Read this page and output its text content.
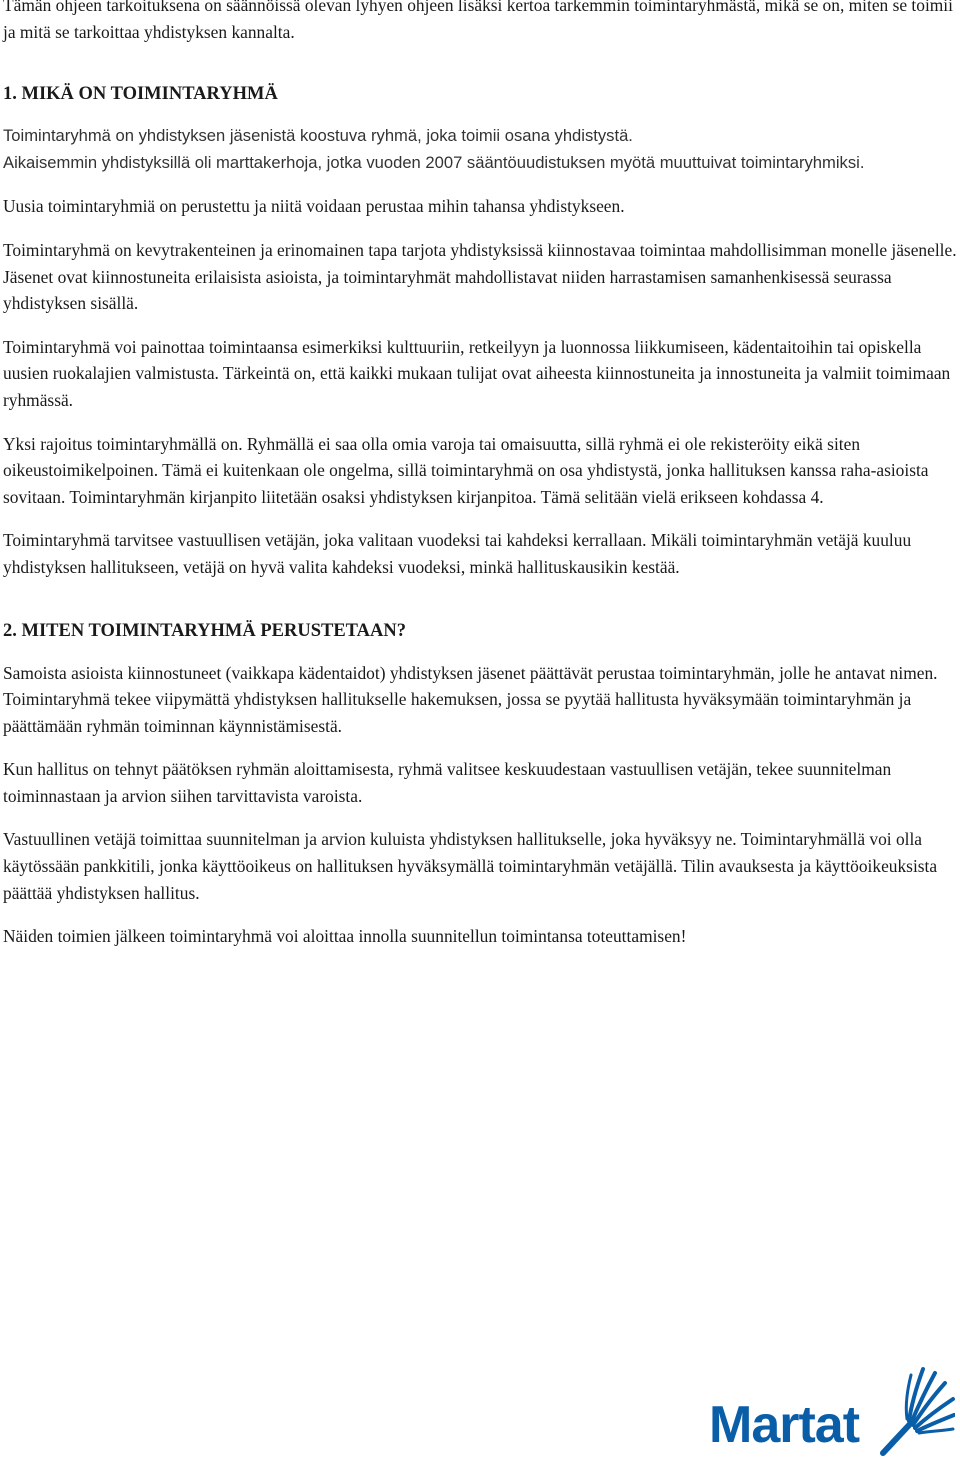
Tämän ohjeen tarkoituksena on säännöissä olevan lyhyen ohjeen lisäksi kertoa tarkemmin toimintaryhmästä, mikä se on, miten se toimii ja mitä se tarkoittaa yhdistyksen kannalta.

1. MIKÄ ON TOIMINTARYHMÄ

Toimintaryhmä on yhdistyksen jäsenistä koostuva ryhmä, joka toimii osana yhdistystä.

Aikaisemmin yhdistyksillä oli marttakerhoja, jotka vuoden 2007 sääntöuudistuksen myötä muuttuivat toimintaryhmiksi.

Uusia toimintaryhmiä on perustettu ja niitä voidaan perustaa mihin tahansa yhdistykseen.

Toimintaryhmä on kevytrakenteinen ja erinomainen tapa tarjota yhdistyksissä kiinnostavaa toimintaa mahdollisimman monelle jäsenelle. Jäsenet ovat kiinnostuneita erilaisista asioista, ja toimintaryhmät mahdollistavat niiden harrastamisen samanhenkisessä seurassa yhdistyksen sisällä.

Toimintaryhmä voi painottaa toimintaansa esimerkiksi kulttuuriin, retkeilyyn ja luonnossa liikkumiseen, kädentaitoihin tai opiskella uusien ruokalajien valmistusta. Tärkeintä on, että kaikki mukaan tulijat ovat aiheesta kiinnostuneita ja innostuneita ja valmiit toimimaan ryhmässä.

Yksi rajoitus toimintaryhmällä on. Ryhmällä ei saa olla omia varoja tai omaisuutta, sillä ryhmä ei ole rekisteröity eikä siten oikeustoimikelpoinen. Tämä ei kuitenkaan ole ongelma, sillä toimintaryhmä on osa yhdistystä, jonka hallituksen kanssa raha-asioista sovitaan. Toimintaryhmän kirjanpito liitetään osaksi yhdistyksen kirjanpitoa. Tämä selitään vielä erikseen kohdassa 4.

Toimintaryhmä tarvitsee vastuullisen vetäjän, joka valitaan vuodeksi tai kahdeksi kerrallaan. Mikäli toimintaryhmän vetäjä kuuluu yhdistyksen hallitukseen, vetäjä on hyvä valita kahdeksi vuodeksi, minkä hallituskausikin kestää.

2. MITEN TOIMINTARYHMÄ PERUSTETAAN?

Samoista asioista kiinnostuneet (vaikkapa kädentaidot) yhdistyksen jäsenet päättävät perustaa toimintaryhmän, jolle he antavat nimen. Toimintaryhmä tekee viipymättä yhdistyksen hallitukselle hakemuksen, jossa se pyytää hallitusta hyväksymään toimintaryhmän ja päättämään ryhmän toiminnan käynnistämisestä.

Kun hallitus on tehnyt päätöksen ryhmän aloittamisesta, ryhmä valitsee keskuudestaan vastuullisen vetäjän, tekee suunnitelman toiminnastaan ja arvion siihen tarvittavista varoista.

Vastuullinen vetäjä toimittaa suunnitelman ja arvion kuluista yhdistyksen hallitukselle, joka hyväksyy ne. Toimintaryhmällä voi olla käytössään pankkitili, jonka käyttöoikeus on hallituksen hyväksymällä toimintaryhmän vetäjällä. Tilin avauksesta ja käyttöoikeuksista päättää yhdistyksen hallitus.

Näiden toimien jälkeen toimintaryhmä voi aloittaa innolla suunnitellun toimintansa toteuttamisen!

Martat
